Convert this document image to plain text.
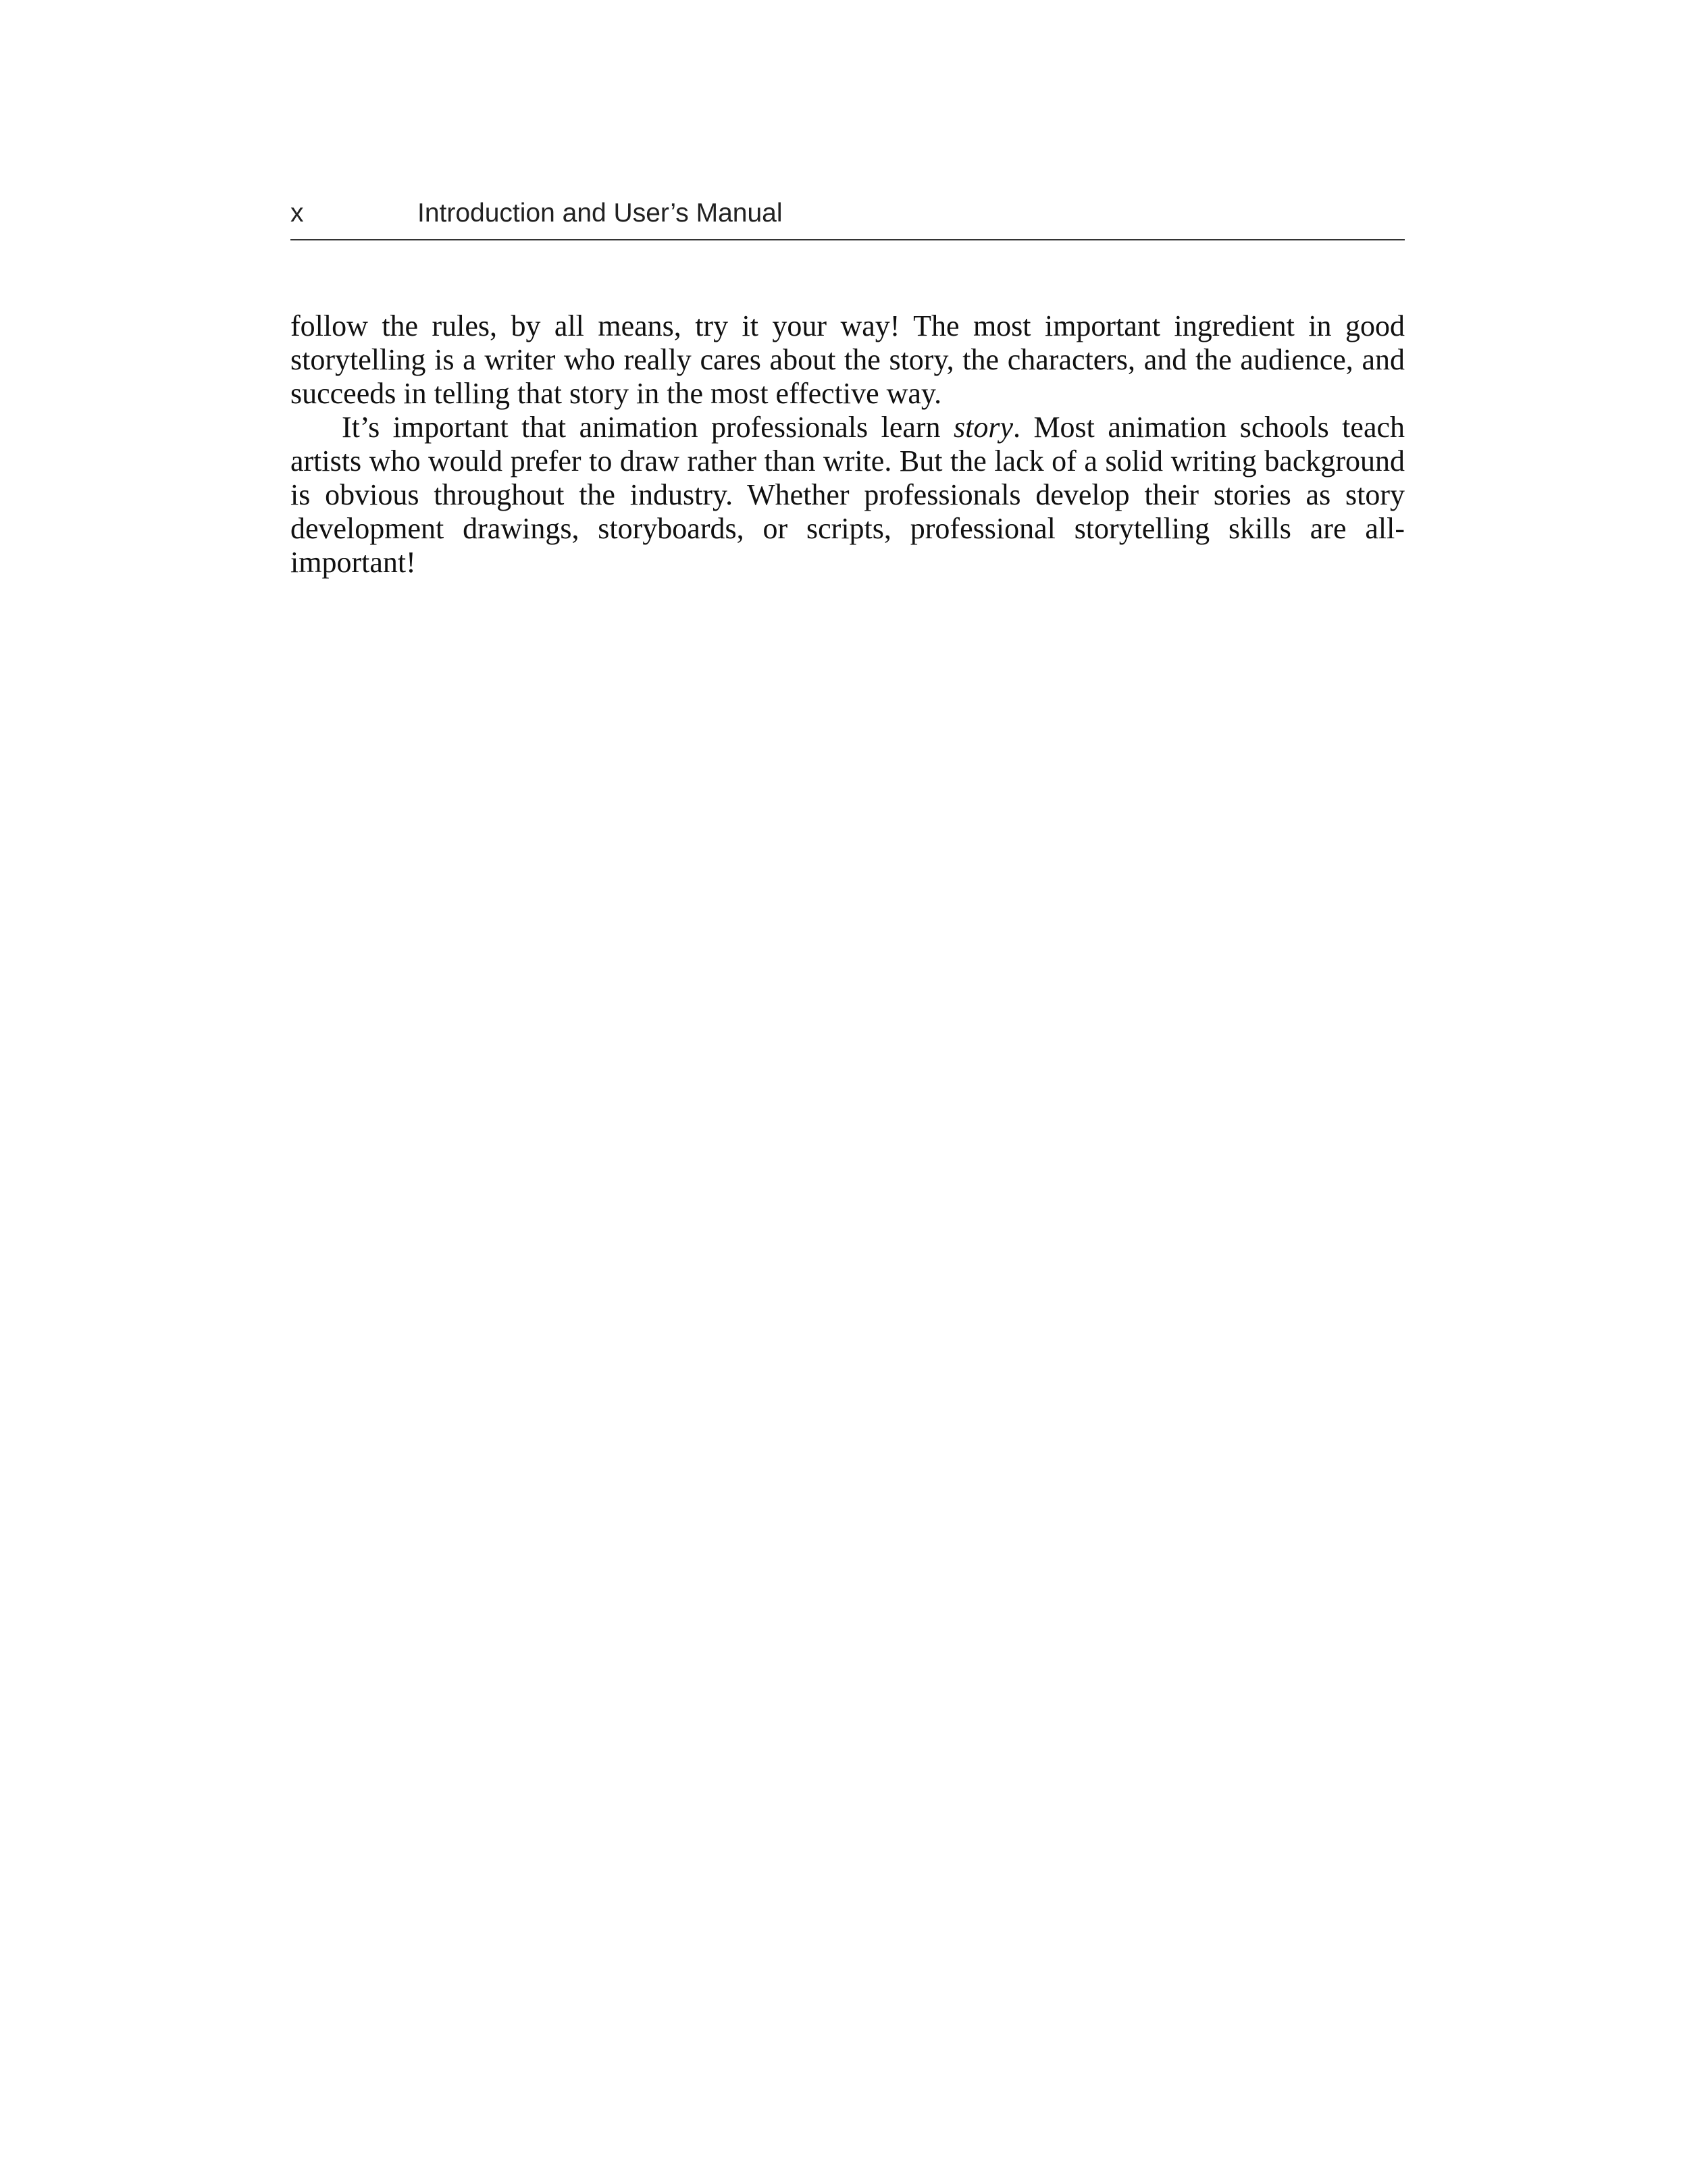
x	Introduction and User’s Manual

follow the rules, by all means, try it your way! The most important ingredient in good storytelling is a writer who really cares about the story, the characters, and the audience, and succeeds in telling that story in the most effective way.

It’s important that animation professionals learn story. Most animation schools teach artists who would prefer to draw rather than write. But the lack of a solid writing background is obvious throughout the industry. Whether professionals develop their stories as story development drawings, storyboards, or scripts, professional storytelling skills are all-important!
